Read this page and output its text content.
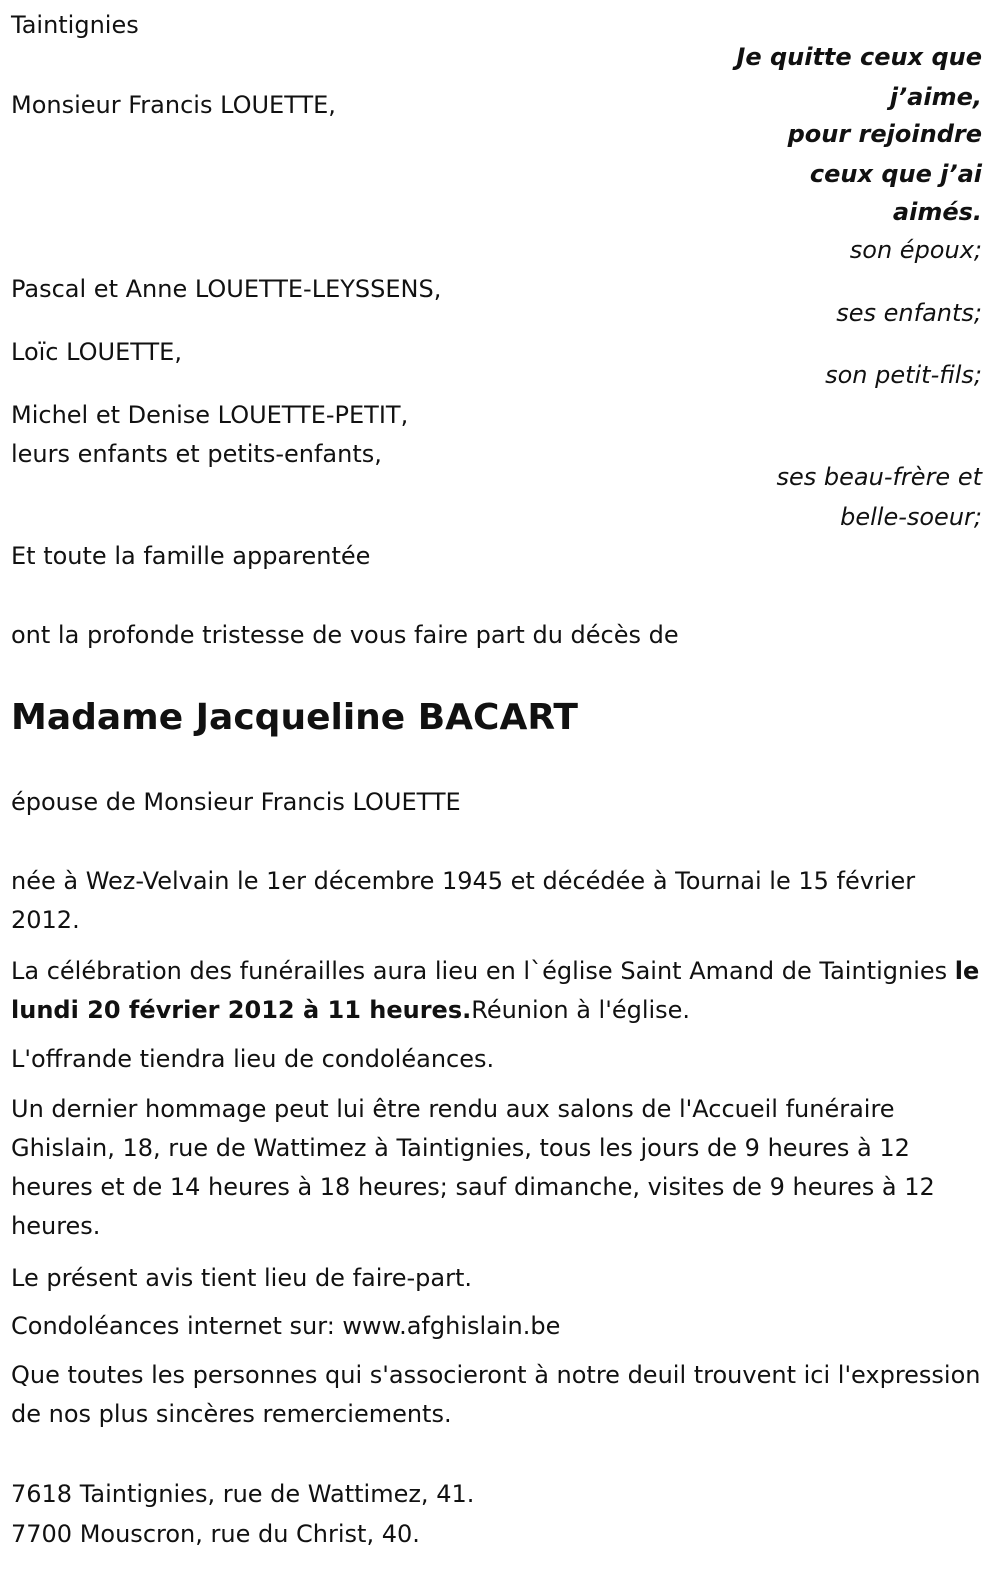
Taintignies

Je quitte ceux que

j’aime,

pour rejoindre

ceux que j’ai

aimés.

Monsieur Francis LOUETTE,

son époux;

Pascal et Anne LOUETTE-LEYSSENS,

ses enfants;

Loïc LOUETTE,

son petit-fils;

Michel et Denise LOUETTE-PETIT,

leurs enfants et petits-enfants,

ses beau-frère et

belle-soeur;

Et toute la famille apparentée

ont la profonde tristesse de vous faire part du décès de

Madame Jacqueline BACART

épouse de Monsieur Francis LOUETTE

née à Wez-Velvain le 1er décembre 1945 et décédée à Tournai le 15 février 2012.

La célébration des funérailles aura lieu en l`église Saint Amand de Taintignies le lundi 20 février 2012 à 11 heures.Réunion à l'église.

L'offrande tiendra lieu de condoléances.

Un dernier hommage peut lui être rendu aux salons de l'Accueil funéraire Ghislain, 18, rue de Wattimez à Taintignies, tous les jours de 9 heures à 12 heures et de 14 heures à 18 heures; sauf dimanche, visites de 9 heures à 12 heures.

Le présent avis tient lieu de faire-part.

Condoléances internet sur: www.afghislain.be

Que toutes les personnes qui s'associeront à notre deuil trouvent ici l'expression de nos plus sincères remerciements.

7618 Taintignies, rue de Wattimez, 41.

7700 Mouscron, rue du Christ, 40.
